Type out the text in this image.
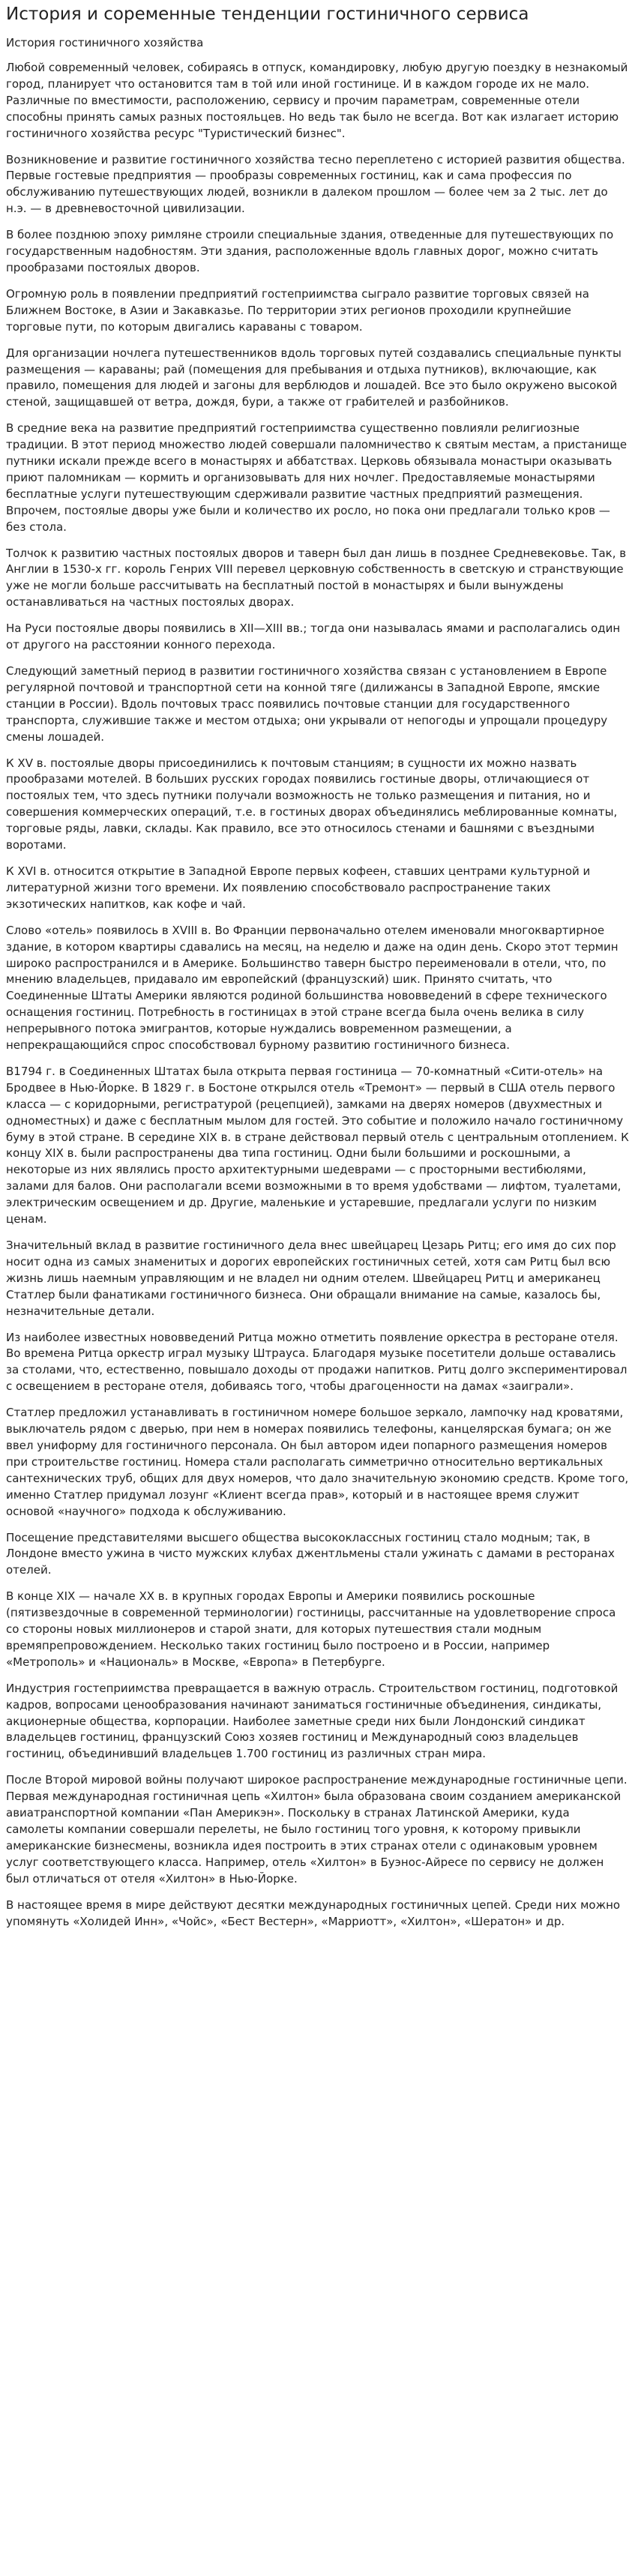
История и соременные тенденции гостиничного сервиса
История гостиничного хозяйства

Любой современный человек, собираясь в отпуск, командировку, любую другую поездку в незнакомый город, планирует что остановится там в той или иной гостинице. И в каждом городе их не мало. Различные по вместимости, расположению, сервису и прочим параметрам, современные отели способны принять самых разных постояльцев. Но ведь так было не всегда. Вот как излагает историю гостиничного хозяйства ресурс "Туристический бизнес".

Возникновение и развитие гостиничного хозяйства тесно переплетено с историей развития общества. Первые гостевые предприятия — прообразы современных гостиниц, как и сама профессия по обслуживанию путешествующих людей, возникли в далеком прошлом — более чем за 2 тыс. лет до н.э. — в древневосточной цивилизации.

В более позднюю эпоху римляне строили специальные здания, отведенные для путешествующих по государственным надобностям. Эти здания, расположенные вдоль главных дорог, можно считать прообразами постоялых дворов.

Огромную роль в появлении предприятий гостеприимства сыграло развитие торговых связей на Ближнем Востоке, в Азии и Закавказье. По территории этих регионов проходили крупнейшие торговые пути, по которым двигались караваны с товаром.

Для организации ночлега путешественников вдоль торговых путей создавались специальные пункты размещения — караваны; рай (помещения для пребывания и отдыха путников), включающие, как правило, помещения для людей и загоны для верблюдов и лошадей. Все это было окружено высокой стеной, защищавшей от ветра, дождя, бури, а также от грабителей и разбойников.

В средние века на развитие предприятий гостеприимства существенно повлияли религиозные традиции. В этот период множество людей совершали паломничество к святым местам, а пристанище путники искали прежде всего в монастырях и аббатствах. Церковь обязывала монастыри оказывать приют паломникам — кормить и организовывать для них ночлег. Предоставляемые монастырями бесплатные услуги путешествующим сдерживали развитие частных предприятий размещения. Впрочем, постоялые дворы уже были и количество их росло, но пока они предлагали только кров — без стола.

Толчок к развитию частных постоялых дворов и таверн был дан лишь в позднее Средневековье. Так, в Англии в 1530-х гг. король Генрих VIII перевел церковную собственность в светскую и странствующие уже не могли больше рассчитывать на бесплатный постой в монастырях и были вынуждены останавливаться на частных постоялых дворах.

На Руси постоялые дворы появились в XII—XIII вв.; тогда они называлась ямами и располагались один от другого на расстоянии конного перехода.

Следующий заметный период в развитии гостиничного хозяйства связан с установлением в Европе регулярной почтовой и транспортной сети на конной тяге (дилижансы в Западной Европе, ямские станции в России). Вдоль почтовых трасс появились почтовые станции для государственного транспорта, служившие также и местом отдыха; они укрывали от непогоды и упрощали процедуру смены лошадей.

К XV в. постоялые дворы присоединились к почтовым станциям; в сущности их можно назвать прообразами мотелей. В больших русских городах появились гостиные дворы, отличающиеся от постоялых тем, что здесь путники получали возможность не только размещения и питания, но и совершения коммерческих операций, т.е. в гостиных дворах объединялись меблированные комнаты, торговые ряды, лавки, склады. Как правило, все это относилось стенами и башнями с въездными воротами.

К XVI в. относится открытие в Западной Европе первых кофеен, ставших центрами культурной и литературной жизни того времени. Их появлению способствовало распространение таких экзотических напитков, как кофе и чай.

Слово «отель» появилось в XVIII в. Во Франции первоначально отелем именовали многоквартирное здание, в котором квартиры сдавались на месяц, на неделю и даже на один день. Скоро этот термин широко распространился и в Америке. Большинство таверн быстро переименовали в отели, что, по мнению владельцев, придавало им европейский (французский) шик. Принято считать, что Соединенные Штаты Америки являются родиной большинства нововведений в сфере технического оснащения гостиниц. Потребность в гостиницах в этой стране всегда была очень велика в силу непрерывного потока эмигрантов, которые нуждались вовременном размещении, а непрекращающийся спрос способствовал бурному развитию гостиничного бизнеса.

В1794 г. в Соединенных Штатах была открыта первая гостиница — 70-комнатный «Сити-отель» на Бродвее в Нью-Йорке. В 1829 г. в Бостоне открылся отель «Тремонт» — первый в США отель первого класса — с коридорными, регистратурой (рецепцией), замками на дверях номеров (двухместных и одноместных) и даже с бесплатным мылом для гостей. Это событие и положило начало гостиничному буму в этой стране. В середине XIX в. в стране действовал первый отель с центральным отоплением. К концу XIX в. были распространены два типа гостиниц. Одни были большими и роскошными, а некоторые из них являлись просто архитектурными шедеврами — с просторными вестибюлями, залами для балов. Они располагали всеми возможными в то время удобствами — лифтом, туалетами, электрическим освещением и др. Другие, маленькие и устаревшие, предлагали услуги по низким ценам.

Значительный вклад в развитие гостиничного дела внес швейцарец Цезарь Ритц; его имя до сих пор носит одна из самых знаменитых и дорогих европейских гостиничных сетей, хотя сам Ритц был всю жизнь лишь наемным управляющим и не владел ни одним отелем. Швейцарец Ритц и американец Статлер были фанатиками гостиничного бизнеса. Они обращали внимание на самые, казалось бы, незначительные детали.

Из наиболее известных нововведений Ритца можно отметить появление оркестра в ресторане отеля. Во времена Ритца оркестр играл музыку Штрауса. Благодаря музыке посетители дольше оставались за столами, что, естественно, повышало доходы от продажи напитков. Ритц долго экспериментировал с освещением в ресторане отеля, добиваясь того, чтобы драгоценности на дамах «заиграли».

Статлер предложил устанавливать в гостиничном номере большое зеркало, лампочку над кроватями, выключатель рядом с дверью, при нем в номерах появились телефоны, канцелярская бумага; он же ввел униформу для гостиничного персонала. Он был автором идеи попарного размещения номеров при строительстве гостиниц. Номера стали располагать симметрично относительно вертикальных сантехнических труб, общих для двух номеров, что дало значительную экономию средств. Кроме того, именно Статлер придумал лозунг «Клиент всегда прав», который и в настоящее время служит основой «научного» подхода к обслуживанию.

Посещение представителями высшего общества высококлассных гостиниц стало модным; так, в Лондоне вместо ужина в чисто мужских клубах джентльмены стали ужинать с дамами в ресторанах отелей.

В конце XIX — начале XX в. в крупных городах Европы и Америки появились роскошные (пятизвездочные в современной терминологии) гостиницы, рассчитанные на удовлетворение спроса со стороны новых миллионеров и старой знати, для которых путешествия стали модным времяпрепровождением. Несколько таких гостиниц было построено и в России, например «Метрополь» и «Националь» в Москве, «Европа» в Петербурге.

Индустрия гостеприимства превращается в важную отрасль. Строительством гостиниц, подготовкой кадров, вопросами ценообразования начинают заниматься гостиничные объединения, синдикаты, акционерные общества, корпорации. Наиболее заметные среди них были Лондонский синдикат владельцев гостиниц, французский Союз хозяев гостиниц и Международный союз владельцев гостиниц, объединивший владельцев 1.700 гостиниц из различных стран мира.

После Второй мировой войны получают широкое распространение международные гостиничные цепи. Первая международная гостиничная цепь «Хилтон» была образована своим созданием американской авиатранспортной компании «Пан Америкэн». Поскольку в странах Латинской Америки, куда самолеты компании совершали перелеты, не было гостиниц того уровня, к которому привыкли американские бизнесмены, возникла идея построить в этих странах отели с одинаковым уровнем услуг соответствующего класса. Например, отель «Хилтон» в Буэнос-Айресе по сервису не должен был отличаться от отеля «Хилтон» в Нью-Йорке.

В настоящее время в мире действуют десятки международных гостиничных цепей. Среди них можно упомянуть «Холидей Инн», «Чойс», «Бест Вестерн», «Марриотт», «Хилтон», «Шератон» и др.
